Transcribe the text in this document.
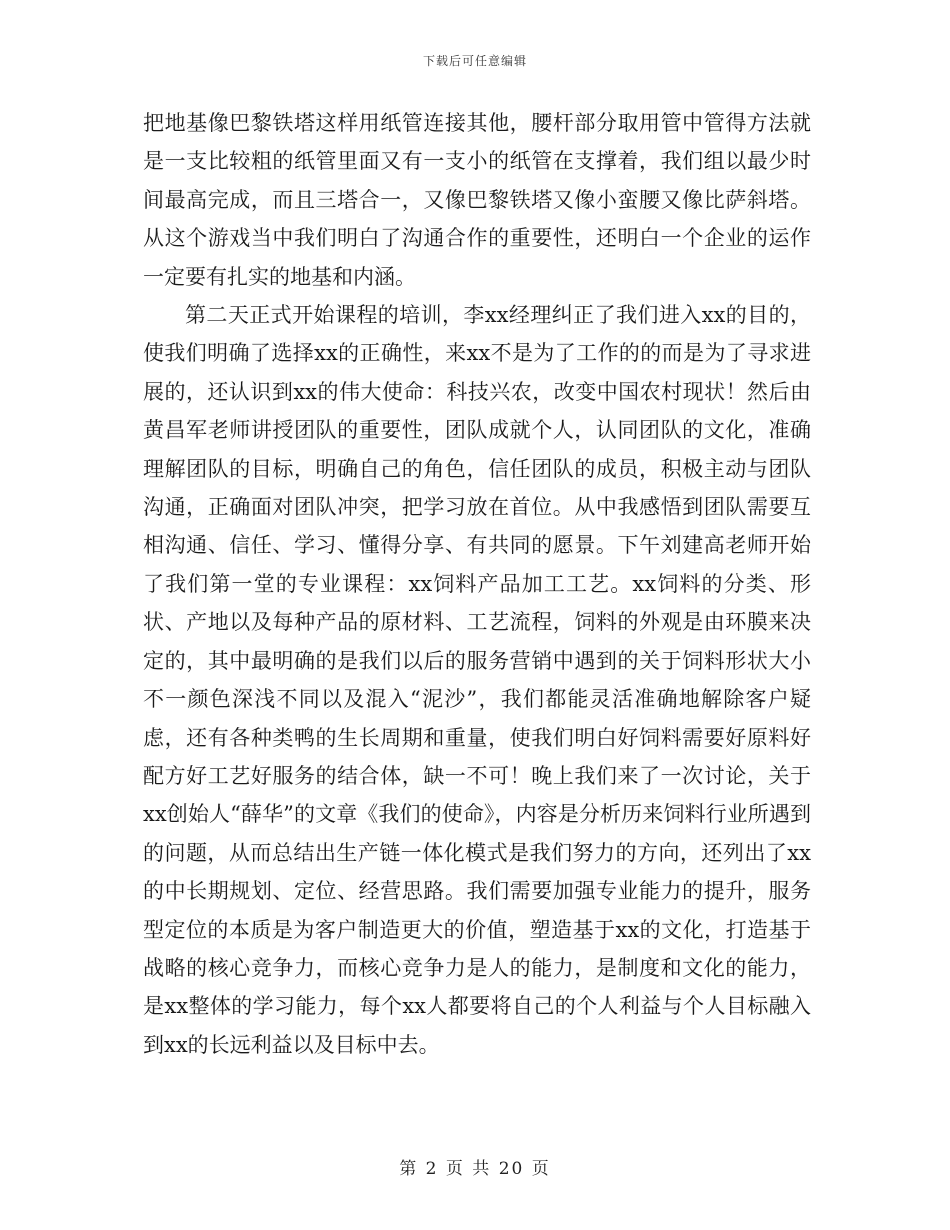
下载后可任意编辑

把地基像巴黎铁塔这样用纸管连接其他，腰杆部分取用管中管得方法就是一支比较粗的纸管里面又有一支小的纸管在支撑着，我们组以最少时间最高完成，而且三塔合一，又像巴黎铁塔又像小蛮腰又像比萨斜塔。从这个游戏当中我们明白了沟通合作的重要性，还明白一个企业的运作一定要有扎实的地基和内涵。

第二天正式开始课程的培训，李xx经理纠正了我们进入xx的目的，使我们明确了选择xx的正确性，来xx不是为了工作的的而是为了寻求进展的，还认识到xx的伟大使命：科技兴农，改变中国农村现状！然后由黄昌军老师讲授团队的重要性，团队成就个人，认同团队的文化，准确理解团队的目标，明确自己的角色，信任团队的成员，积极主动与团队沟通，正确面对团队冲突，把学习放在首位。从中我感悟到团队需要互相沟通、信任、学习、懂得分享、有共同的愿景。下午刘建高老师开始了我们第一堂的专业课程：xx饲料产品加工工艺。xx饲料的分类、形状、产地以及每种产品的原材料、工艺流程，饲料的外观是由环膜来决定的，其中最明确的是我们以后的服务营销中遇到的关于饲料形状大小不一颜色深浅不同以及混入“泥沙”，我们都能灵活准确地解除客户疑虑，还有各种类鸭的生长周期和重量，使我们明白好饲料需要好原料好配方好工艺好服务的结合体，缺一不可！晚上我们来了一次讨论，关于xx创始人“薛华”的文章《我们的使命》，内容是分析历来饲料行业所遇到的问题，从而总结出生产链一体化模式是我们努力的方向，还列出了xx的中长期规划、定位、经营思路。我们需要加强专业能力的提升，服务型定位的本质是为客户制造更大的价值，塑造基于xx的文化，打造基于战略的核心竞争力，而核心竞争力是人的能力，是制度和文化的能力，是xx整体的学习能力，每个xx人都要将自己的个人利益与个人目标融入 到xx的长远利益以及目标中去。

第 2 页 共 20 页
